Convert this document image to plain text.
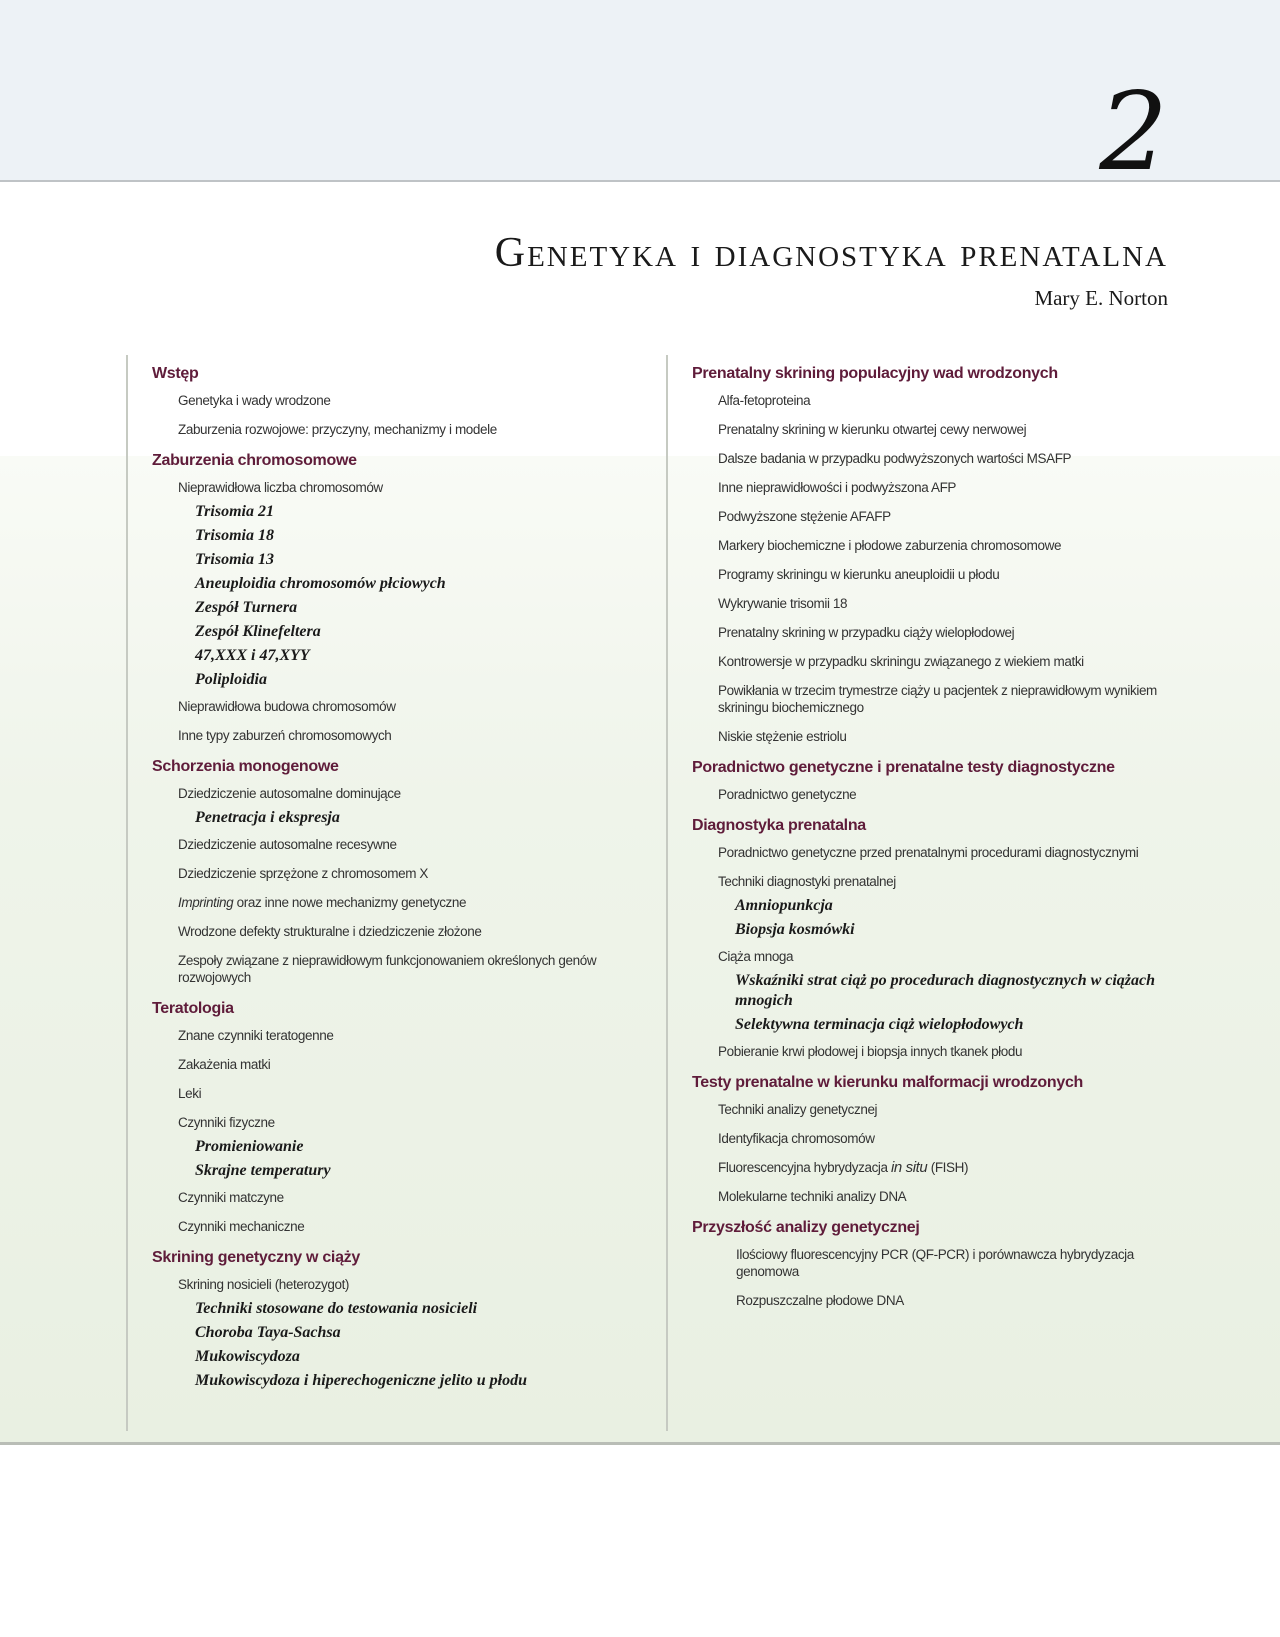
2
Genetyka i diagnostyka prenatalna
Mary E. Norton
Wstęp
Genetyka i wady wrodzone
Zaburzenia rozwojowe: przyczyny, mechanizmy i modele
Zaburzenia chromosomowe
Nieprawidłowa liczba chromosomów
Trisomia 21
Trisomia 18
Trisomia 13
Aneuploidia chromosomów płciowych
Zespół Turnera
Zespół Klinefeltera
47,XXX i 47,XYY
Poliploidia
Nieprawidłowa budowa chromosomów
Inne typy zaburzeń chromosomowych
Schorzenia monogenowe
Dziedziczenie autosomalne dominujące
Penetracja i ekspresja
Dziedziczenie autosomalne recesywne
Dziedziczenie sprzężone z chromosomem X
Imprinting oraz inne nowe mechanizmy genetyczne
Wrodzone defekty strukturalne i dziedziczenie złożone
Zespoły związane z nieprawidłowym funkcjonowaniem określonych genów rozwojowych
Teratologia
Znane czynniki teratogenne
Zakażenia matki
Leki
Czynniki fizyczne
Promieniowanie
Skrajne temperatury
Czynniki matczyne
Czynniki mechaniczne
Skrining genetyczny w ciąży
Skrining nosicieli (heterozygot)
Techniki stosowane do testowania nosicieli
Choroba Taya-Sachsa
Mukowiscydoza
Mukowiscydoza i hiperechogeniczne jelito u płodu
Prenatalny skrining populacyjny wad wrodzonych
Alfa-fetoproteina
Prenatalny skrining w kierunku otwartej cewy nerwowej
Dalsze badania w przypadku podwyższonych wartości MSAFP
Inne nieprawidłowości i podwyższona AFP
Podwyższone stężenie AFAFP
Markery biochemiczne i płodowe zaburzenia chromosomowe
Programy skriningu w kierunku aneuploidii u płodu
Wykrywanie trisomii 18
Prenatalny skrining w przypadku ciąży wielopłodowej
Kontrowersje w przypadku skriningu związanego z wiekiem matki
Powikłania w trzecim trymestrze ciąży u pacjentek z nieprawidłowym wynikiem skriningu biochemicznego
Niskie stężenie estriolu
Poradnictwo genetyczne i prenatalne testy diagnostyczne
Poradnictwo genetyczne
Diagnostyka prenatalna
Poradnictwo genetyczne przed prenatalnymi procedurami diagnostycznymi
Techniki diagnostyki prenatalnej
Amniopunkcja
Biopsja kosmówki
Ciąża mnoga
Wskaźniki strat ciąż po procedurach diagnostycznych w ciążach mnogich
Selektywna terminacja ciąż wielopłodowych
Pobieranie krwi płodowej i biopsja innych tkanek płodu
Testy prenatalne w kierunku malformacji wrodzonych
Techniki analizy genetycznej
Identyfikacja chromosomów
Fluorescencyjna hybrydyzacja in situ (FISH)
Molekularne techniki analizy DNA
Przyszłość analizy genetycznej
Ilościowy fluorescencyjny PCR (QF-PCR) i porównawcza hybrydyzacja genomowa
Rozpuszczalne płodowe DNA
